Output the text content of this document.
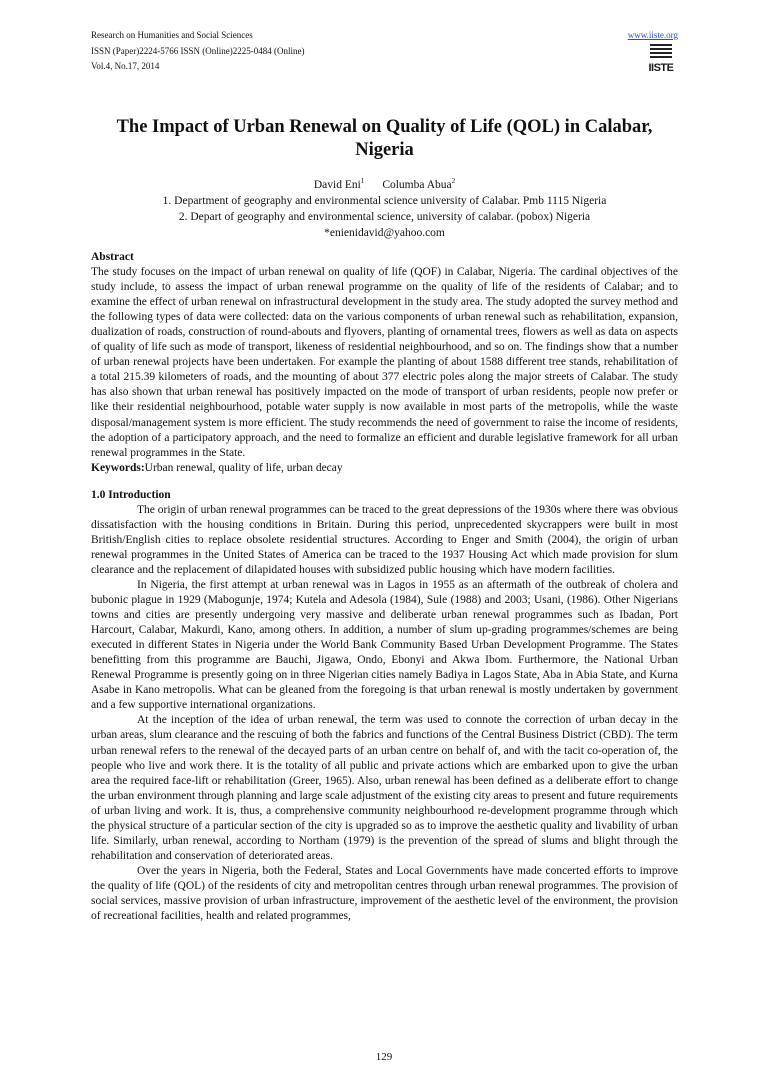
Research on Humanities and Social Sciences
ISSN (Paper)2224-5766 ISSN (Online)2225-0484 (Online)
Vol.4, No.17, 2014
www.iiste.org
IISTE
The Impact of Urban Renewal on Quality of Life (QOL) in Calabar, Nigeria
David Eni$^1$ Columba Abua$^2$
1. Department of geography and environmental science university of Calabar. Pmb 1115 Nigeria
2. Depart of geography and environmental science, university of calabar. (pobox) Nigeria
*enienidavid@yahoo.com
Abstract

The study focuses on the impact of urban renewal on quality of life (QOF) in Calabar, Nigeria. The cardinal objectives of the study include, to assess the impact of urban renewal programme on the quality of life of the residents of Calabar; and to examine the effect of urban renewal on infrastructural development in the study area. The study adopted the survey method and the following types of data were collected: data on the various components of urban renewal such as rehabilitation, expansion, dualization of roads, construction of round-abouts and flyovers, planting of ornamental trees, flowers as well as data on aspects of quality of life such as mode of transport, likeness of residential neighbourhood, and so on. The findings show that a number of urban renewal projects have been undertaken. For example the planting of about 1588 different tree stands, rehabilitation of a total 215.39 kilometers of roads, and the mounting of about 377 electric poles along the major streets of Calabar. The study has also shown that urban renewal has positively impacted on the mode of transport of urban residents, people now prefer or like their residential neighbourhood, potable water supply is now available in most parts of the metropolis, while the waste disposal/management system is more efficient. The study recommends the need of government to raise the income of residents, the adoption of a participatory approach, and the need to formalize an efficient and durable legislative framework for all urban renewal programmes in the State.

Keywords:Urban renewal, quality of life, urban decay

1.0 Introduction

The origin of urban renewal programmes can be traced to the great depressions of the 1930s where there was obvious dissatisfaction with the housing conditions in Britain. During this period, unprecedented skycrappers were built in most British/English cities to replace obsolete residential structures. According to Enger and Smith (2004), the origin of urban renewal programmes in the United States of America can be traced to the 1937 Housing Act which made provision for slum clearance and the replacement of dilapidated houses with subsidized public housing which have modern facilities.

In Nigeria, the first attempt at urban renewal was in Lagos in 1955 as an aftermath of the outbreak of cholera and bubonic plague in 1929 (Mabogunje, 1974; Kutela and Adesola (1984), Sule (1988) and 2003; Usani, (1986). Other Nigerians towns and cities are presently undergoing very massive and deliberate urban renewal programmes such as Ibadan, Port Harcourt, Calabar, Makurdi, Kano, among others. In addition, a number of slum up-grading programmes/schemes are being executed in different States in Nigeria under the World Bank Community Based Urban Development Programme. The States benefitting from this programme are Bauchi, Jigawa, Ondo, Ebonyi and Akwa Ibom. Furthermore, the National Urban Renewal Programme is presently going on in three Nigerian cities namely Badiya in Lagos State, Aba in Abia State, and Kurna Asabe in Kano metropolis. What can be gleaned from the foregoing is that urban renewal is mostly undertaken by government and a few supportive international organizations.

At the inception of the idea of urban renewal, the term was used to connote the correction of urban decay in the urban areas, slum clearance and the rescuing of both the fabrics and functions of the Central Business District (CBD). The term urban renewal refers to the renewal of the decayed parts of an urban centre on behalf of, and with the tacit co-operation of, the people who live and work there. It is the totality of all public and private actions which are embarked upon to give the urban area the required face-lift or rehabilitation (Greer, 1965). Also, urban renewal has been defined as a deliberate effort to change the urban environment through planning and large scale adjustment of the existing city areas to present and future requirements of urban living and work. It is, thus, a comprehensive community neighbourhood re-development programme through which the physical structure of a particular section of the city is upgraded so as to improve the aesthetic quality and livability of urban life. Similarly, urban renewal, according to Northam (1979) is the prevention of the spread of slums and blight through the rehabilitation and conservation of deteriorated areas.

Over the years in Nigeria, both the Federal, States and Local Governments have made concerted efforts to improve the quality of life (QOL) of the residents of city and metropolitan centres through urban renewal programmes. The provision of social services, massive provision of urban infrastructure, improvement of the aesthetic level of the environment, the provision of recreational facilities, health and related programmes,

129
